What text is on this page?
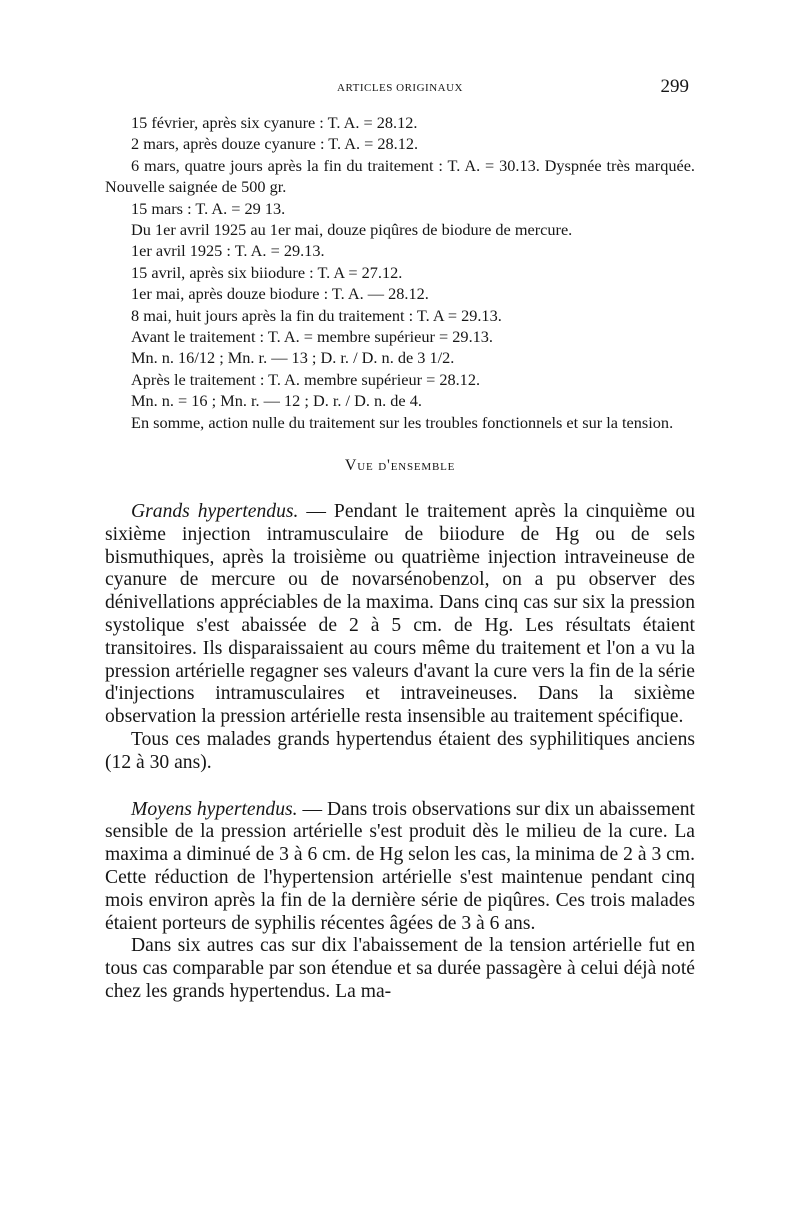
ARTICLES ORIGINAUX	299

15 février, après six cyanure : T. A. = 28.12.

2 mars, après douze cyanure : T. A. = 28.12.

6 mars, quatre jours après la fin du traitement : T. A. = 30.13. Dyspnée très marquée. Nouvelle saignée de 500 gr.

15 mars : T. A. = 29 13.

Du 1er avril 1925 au 1er mai, douze piqûres de biodure de mercure.

1er avril 1925 : T. A. = 29.13.

15 avril, après six biiodure : T. A = 27.12.

1er mai, après douze biodure : T. A. — 28.12.

8 mai, huit jours après la fin du traitement : T. A = 29.13.

Avant le traitement : T. A. = membre supérieur = 29.13.

Mn. n. 16/12 ; Mn. r. — 13 ; D. r. / D. n. de 3 1/2.

Après le traitement : T. A. membre supérieur = 28.12.

Mn. n. = 16 ; Mn. r. — 12 ; D. r. / D. n. de 4.

En somme, action nulle du traitement sur les troubles fonctionnels et sur la tension.

Vue d'ensemble

Grands hypertendus. — Pendant le traitement après la cinquième ou sixième injection intramusculaire de biiodure de Hg ou de sels bismuthiques, après la troisième ou quatrième injection intraveineuse de cyanure de mercure ou de novarsénobenzol, on a pu observer des dénivellations appréciables de la maxima. Dans cinq cas sur six la pression systolique s'est abaissée de 2 à 5 cm. de Hg. Les résultats étaient transitoires. Ils disparaissaient au cours même du traitement et l'on a vu la pression artérielle regagner ses valeurs d'avant la cure vers la fin de la série d'injections intramusculaires et intraveineuses. Dans la sixième observation la pression artérielle resta insensible au traitement spécifique.

Tous ces malades grands hypertendus étaient des syphilitiques anciens (12 à 30 ans).

Moyens hypertendus. — Dans trois observations sur dix un abaissement sensible de la pression artérielle s'est produit dès le milieu de la cure. La maxima a diminué de 3 à 6 cm. de Hg selon les cas, la minima de 2 à 3 cm. Cette réduction de l'hypertension artérielle s'est maintenue pendant cinq mois environ après la fin de la dernière série de piqûres. Ces trois malades étaient porteurs de syphilis récentes âgées de 3 à 6 ans.

Dans six autres cas sur dix l'abaissement de la tension artérielle fut en tous cas comparable par son étendue et sa durée passagère à celui déjà noté chez les grands hypertendus. La ma-
